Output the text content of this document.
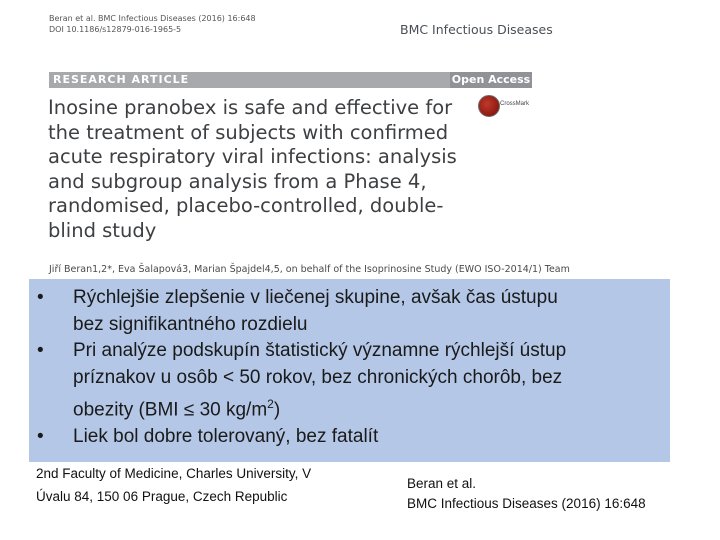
Beran et al. BMC Infectious Diseases (2016) 16:648
DOI 10.1186/s12879-016-1965-5	BMC Infectious Diseases
RESEARCH ARTICLE	Open Access
CrossMark
Inosine pranobex is safe and effective for
the treatment of subjects with confirmed
acute respiratory viral infections: analysis
and subgroup analysis from a Phase 4,
randomised, placebo-controlled, double-
blind study
Jiří Beran1,2*, Eva Šalapová3, Marian Špajdel4,5, on behalf of the Isoprinosine Study (EWO ISO-2014/1) Team
• Rýchlejšie zlepšenie v liečenej skupine, avšak čas ústupu
bez signifikantného rozdielu
• Pri analýze podskupín štatistický významne rýchlejší ústup
príznakov u osôb < 50 rokov, bez chronických chorôb, bez
obezity (BMI ≤ 30 $kg/m^2$)
• Liek bol dobre tolerovaný, bez fatalít
2nd Faculty of Medicine, Charles University, V
Úvalu 84, 150 06 Prague, Czech Republic
Beran et al.
BMC Infectious Diseases (2016) 16:648
